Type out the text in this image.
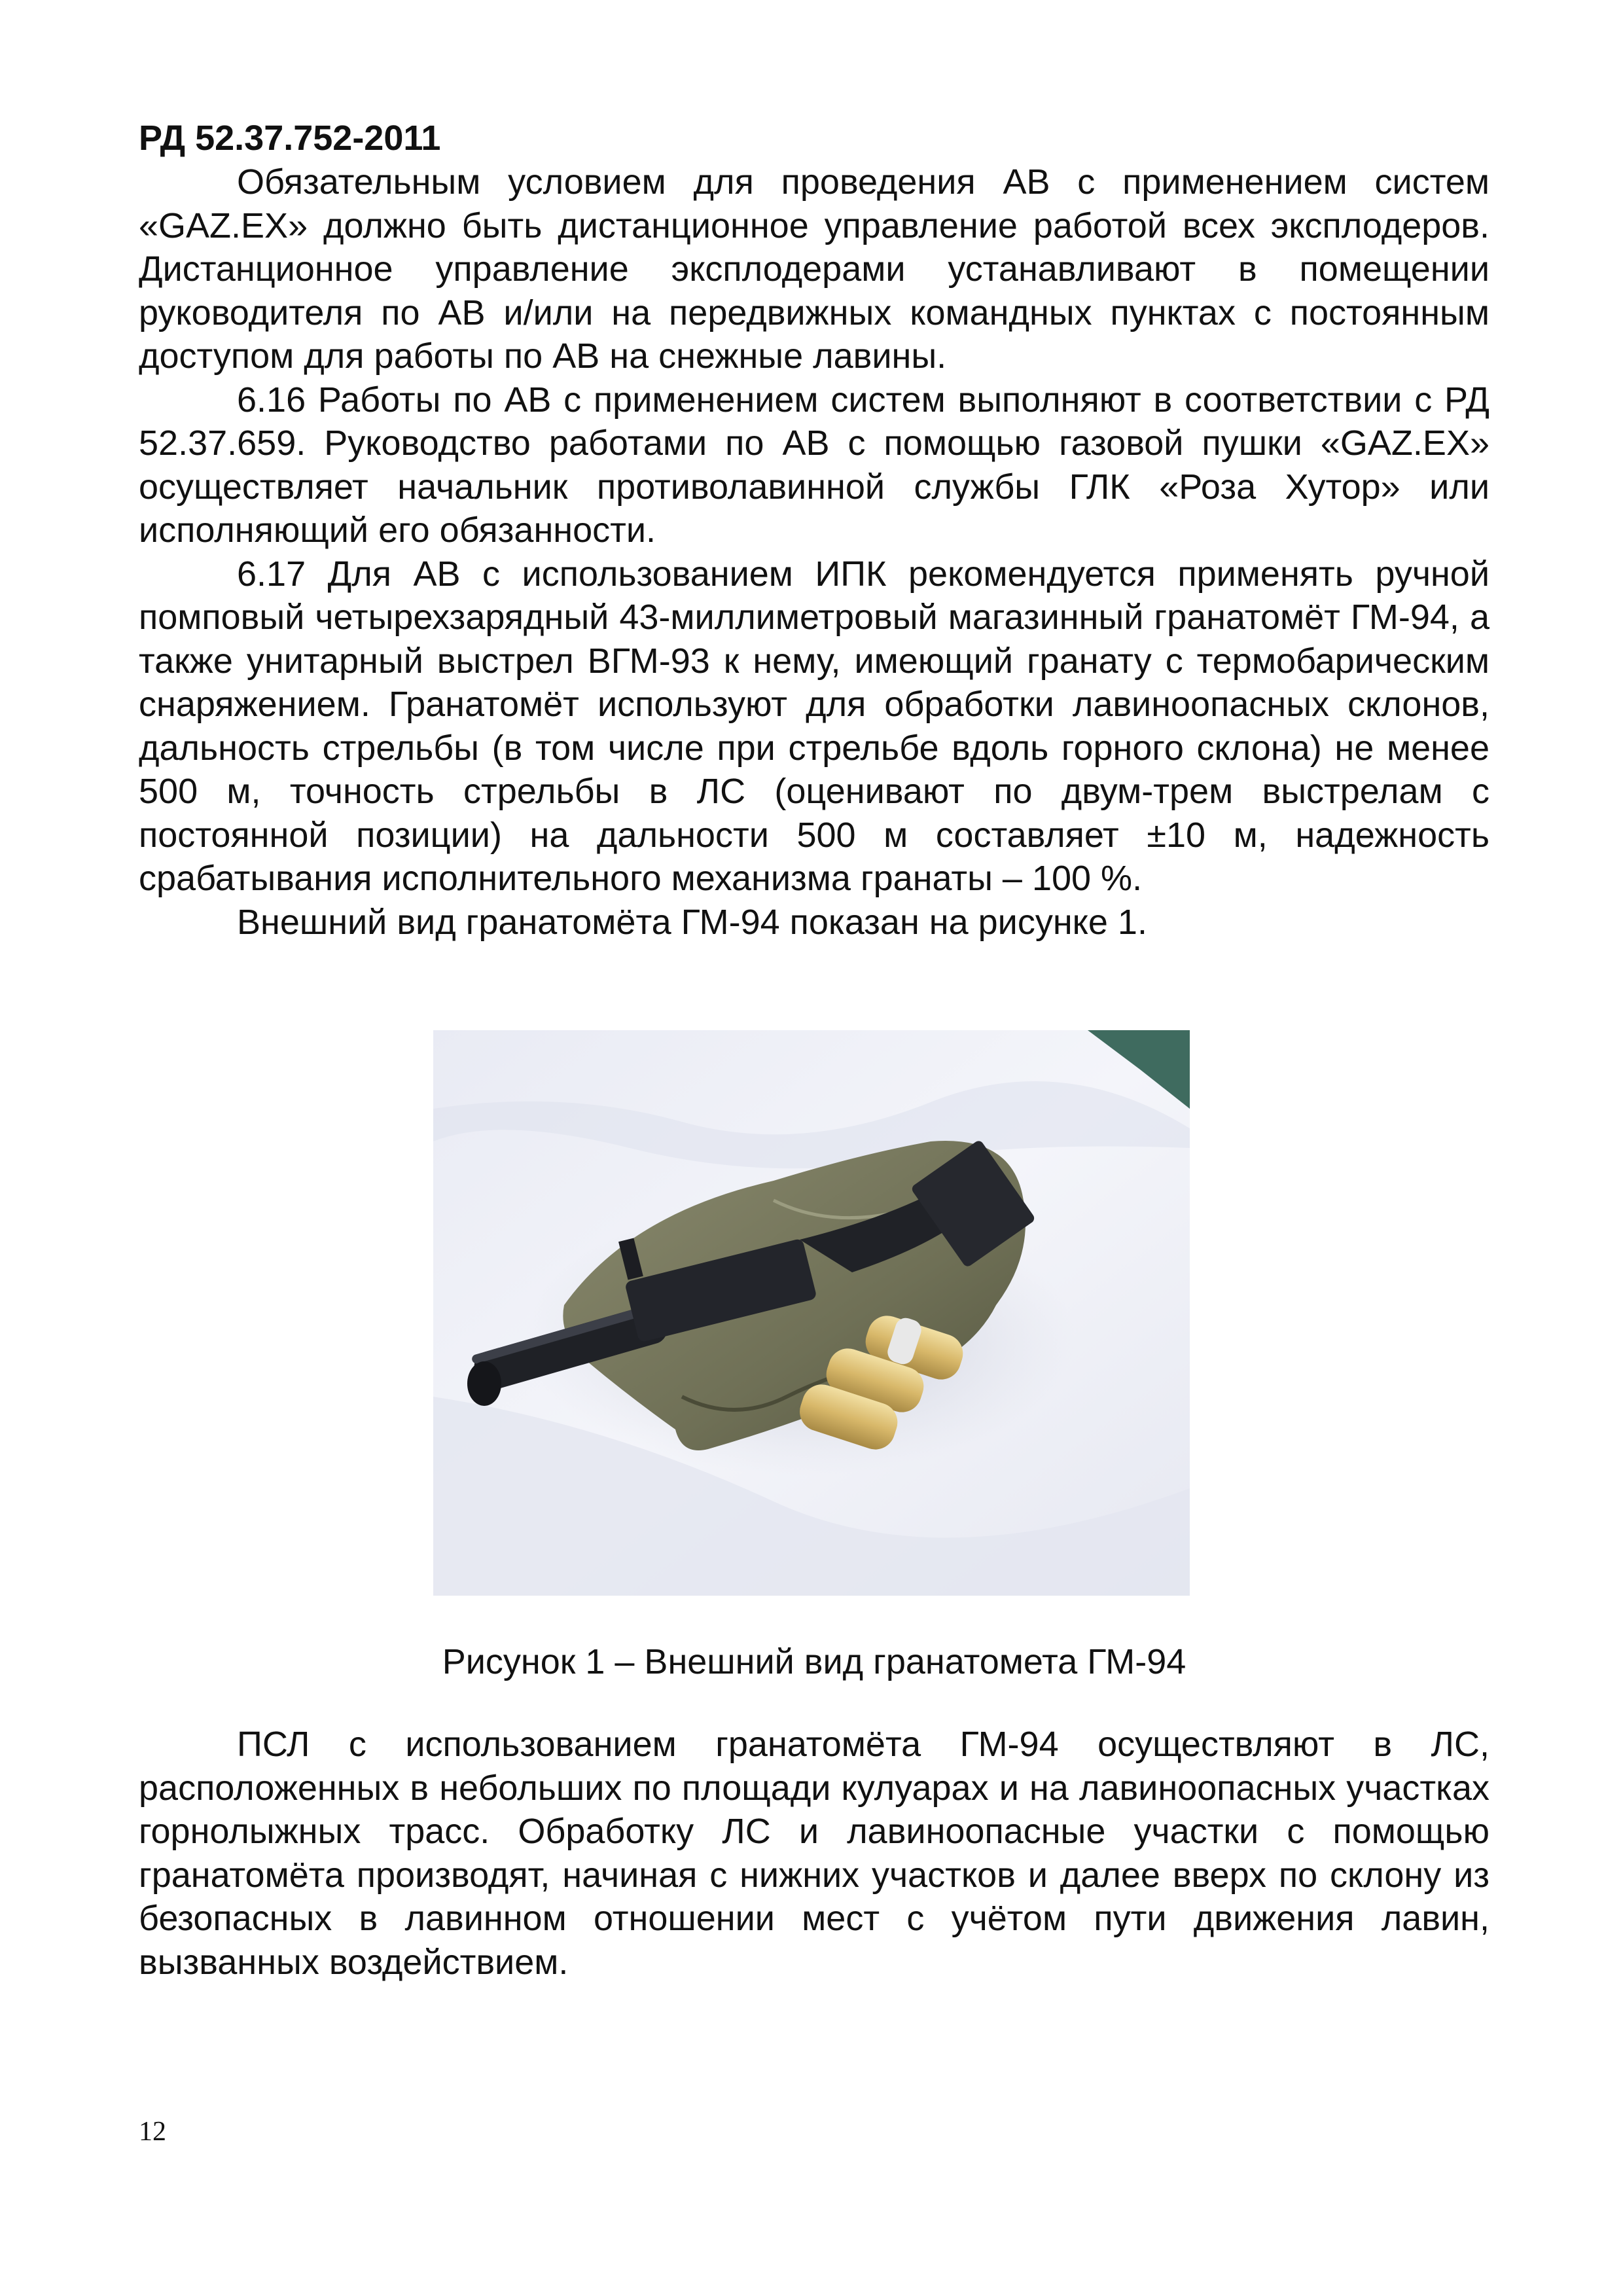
РД 52.37.752-2011

Обязательным условием для проведения АВ с применением систем «GAZ.EX» должно быть дистанционное управление работой всех эксплодеров. Дистанционное управление эксплодерами устанавливают в помещении руководителя по АВ и/или на передвижных командных пунктах с постоянным доступом для работы по АВ на снежные лавины.

6.16 Работы по АВ с применением систем выполняют в соответствии с РД 52.37.659. Руководство работами по АВ с помощью газовой пушки «GAZ.EX» осуществляет начальник противолавинной службы ГЛК «Роза Хутор» или исполняющий его обязанности.

6.17 Для АВ с использованием ИПК рекомендуется применять ручной помповый четырехзарядный 43-миллиметровый магазинный гранатомёт ГМ-94, а также унитарный выстрел ВГМ-93 к нему, имеющий гранату с термобарическим снаряжением. Гранатомёт используют для обработки лавиноопасных склонов, дальность стрельбы (в том числе при стрельбе вдоль горного склона) не менее 500 м, точность стрельбы в ЛС (оценивают по двум-трем выстрелам с постоянной позиции) на дальности 500 м составляет ±10 м, надежность срабатывания исполнительного механизма гранаты – 100 %.

Внешний вид гранатомёта ГМ-94 показан на рисунке 1.

Рисунок 1 – Внешний вид гранатомета ГМ-94

ПСЛ с использованием гранатомёта ГМ-94 осуществляют в ЛС, расположенных в небольших по площади кулуарах и на лавиноопасных участках горнолыжных трасс. Обработку ЛС и лавиноопасные участки с помощью гранатомёта производят, начиная с нижних участков и далее вверх по склону из безопасных в лавинном отношении мест с учётом пути движения лавин, вызванных воздействием.

12
